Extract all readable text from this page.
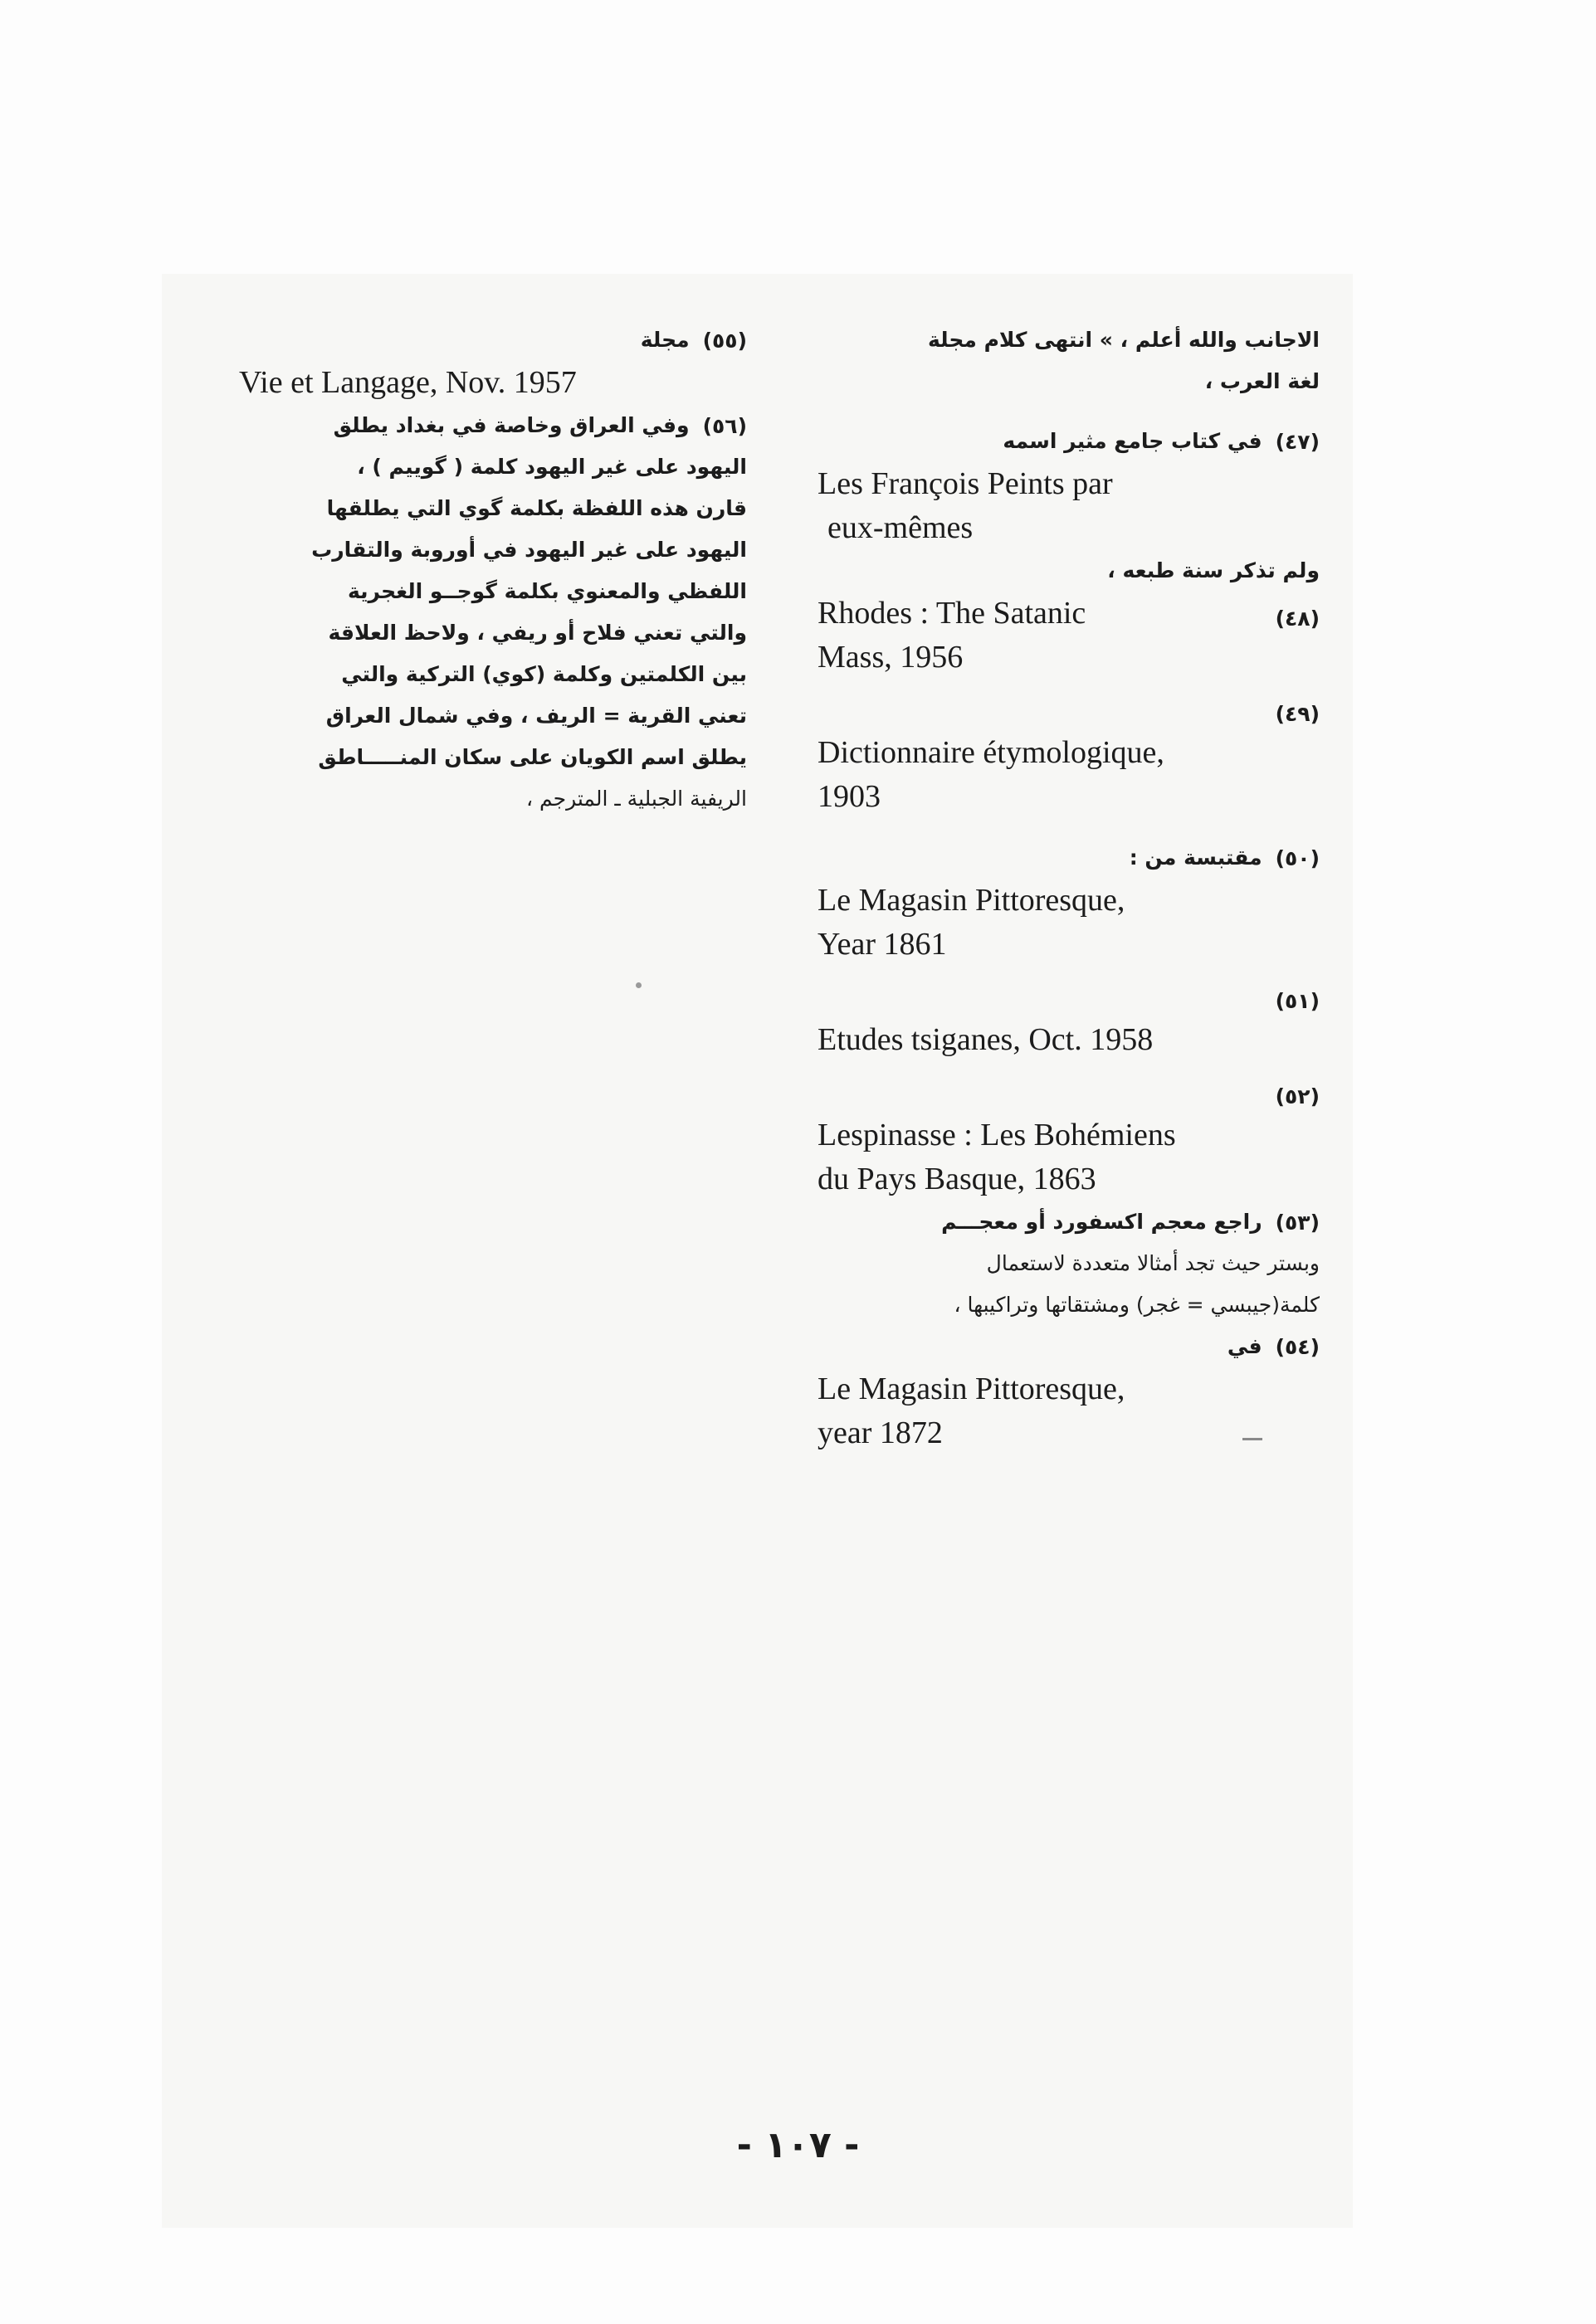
الاجانب والله أعلم ، » انتهى كلام مجلة
لغة العرب ،
(٤٧)
في كتاب جامع مثير اسمه
Les François Peints par
eux-mêmes
ولم تذكر سنة طبعه ،
(٤٨)
Rhodes : The Satanic
Mass, 1956
(٤٩)
Dictionnaire étymologique,
1903
(٥٠)
مقتبسة من :
Le Magasin Pittoresque,
Year 1861
(٥١)
Etudes tsiganes, Oct. 1958
(٥٢)
Lespinasse : Les Bohémiens
du Pays Basque, 1863
(٥٣)
راجع معجم اكسفورد أو معجـــم
وبستر حيث تجد أمثالا متعددة لاستعمال
كلمة(جيبسي = غجر) ومشتقاتها وتراكيبها ،
(٥٤)
في
Le Magasin Pittoresque,
year 1872
(٥٥)
مجلة
Vie et Langage, Nov. 1957
(٥٦)
وفي العراق وخاصة في بغداد يطلق
اليهود على غير اليهود كلمة ( گوييم ) ،
قارن هذه اللفظة بكلمة گوي التي يطلقها
اليهود على غير اليهود في أوروبة والتقارب
اللفظي والمعنوي بكلمة گوجــو الغجرية
والتي تعني فلاح أو ريفي ، ولاحظ العلاقة
بين الكلمتين وكلمة (كوي) التركية والتي
تعني القرية = الريف ، وفي شمال العراق
يطلق اسم الكويان على سكان المنـــــاطق
الريفية الجبلية ـ المترجم ،
- ١٠٧ -
